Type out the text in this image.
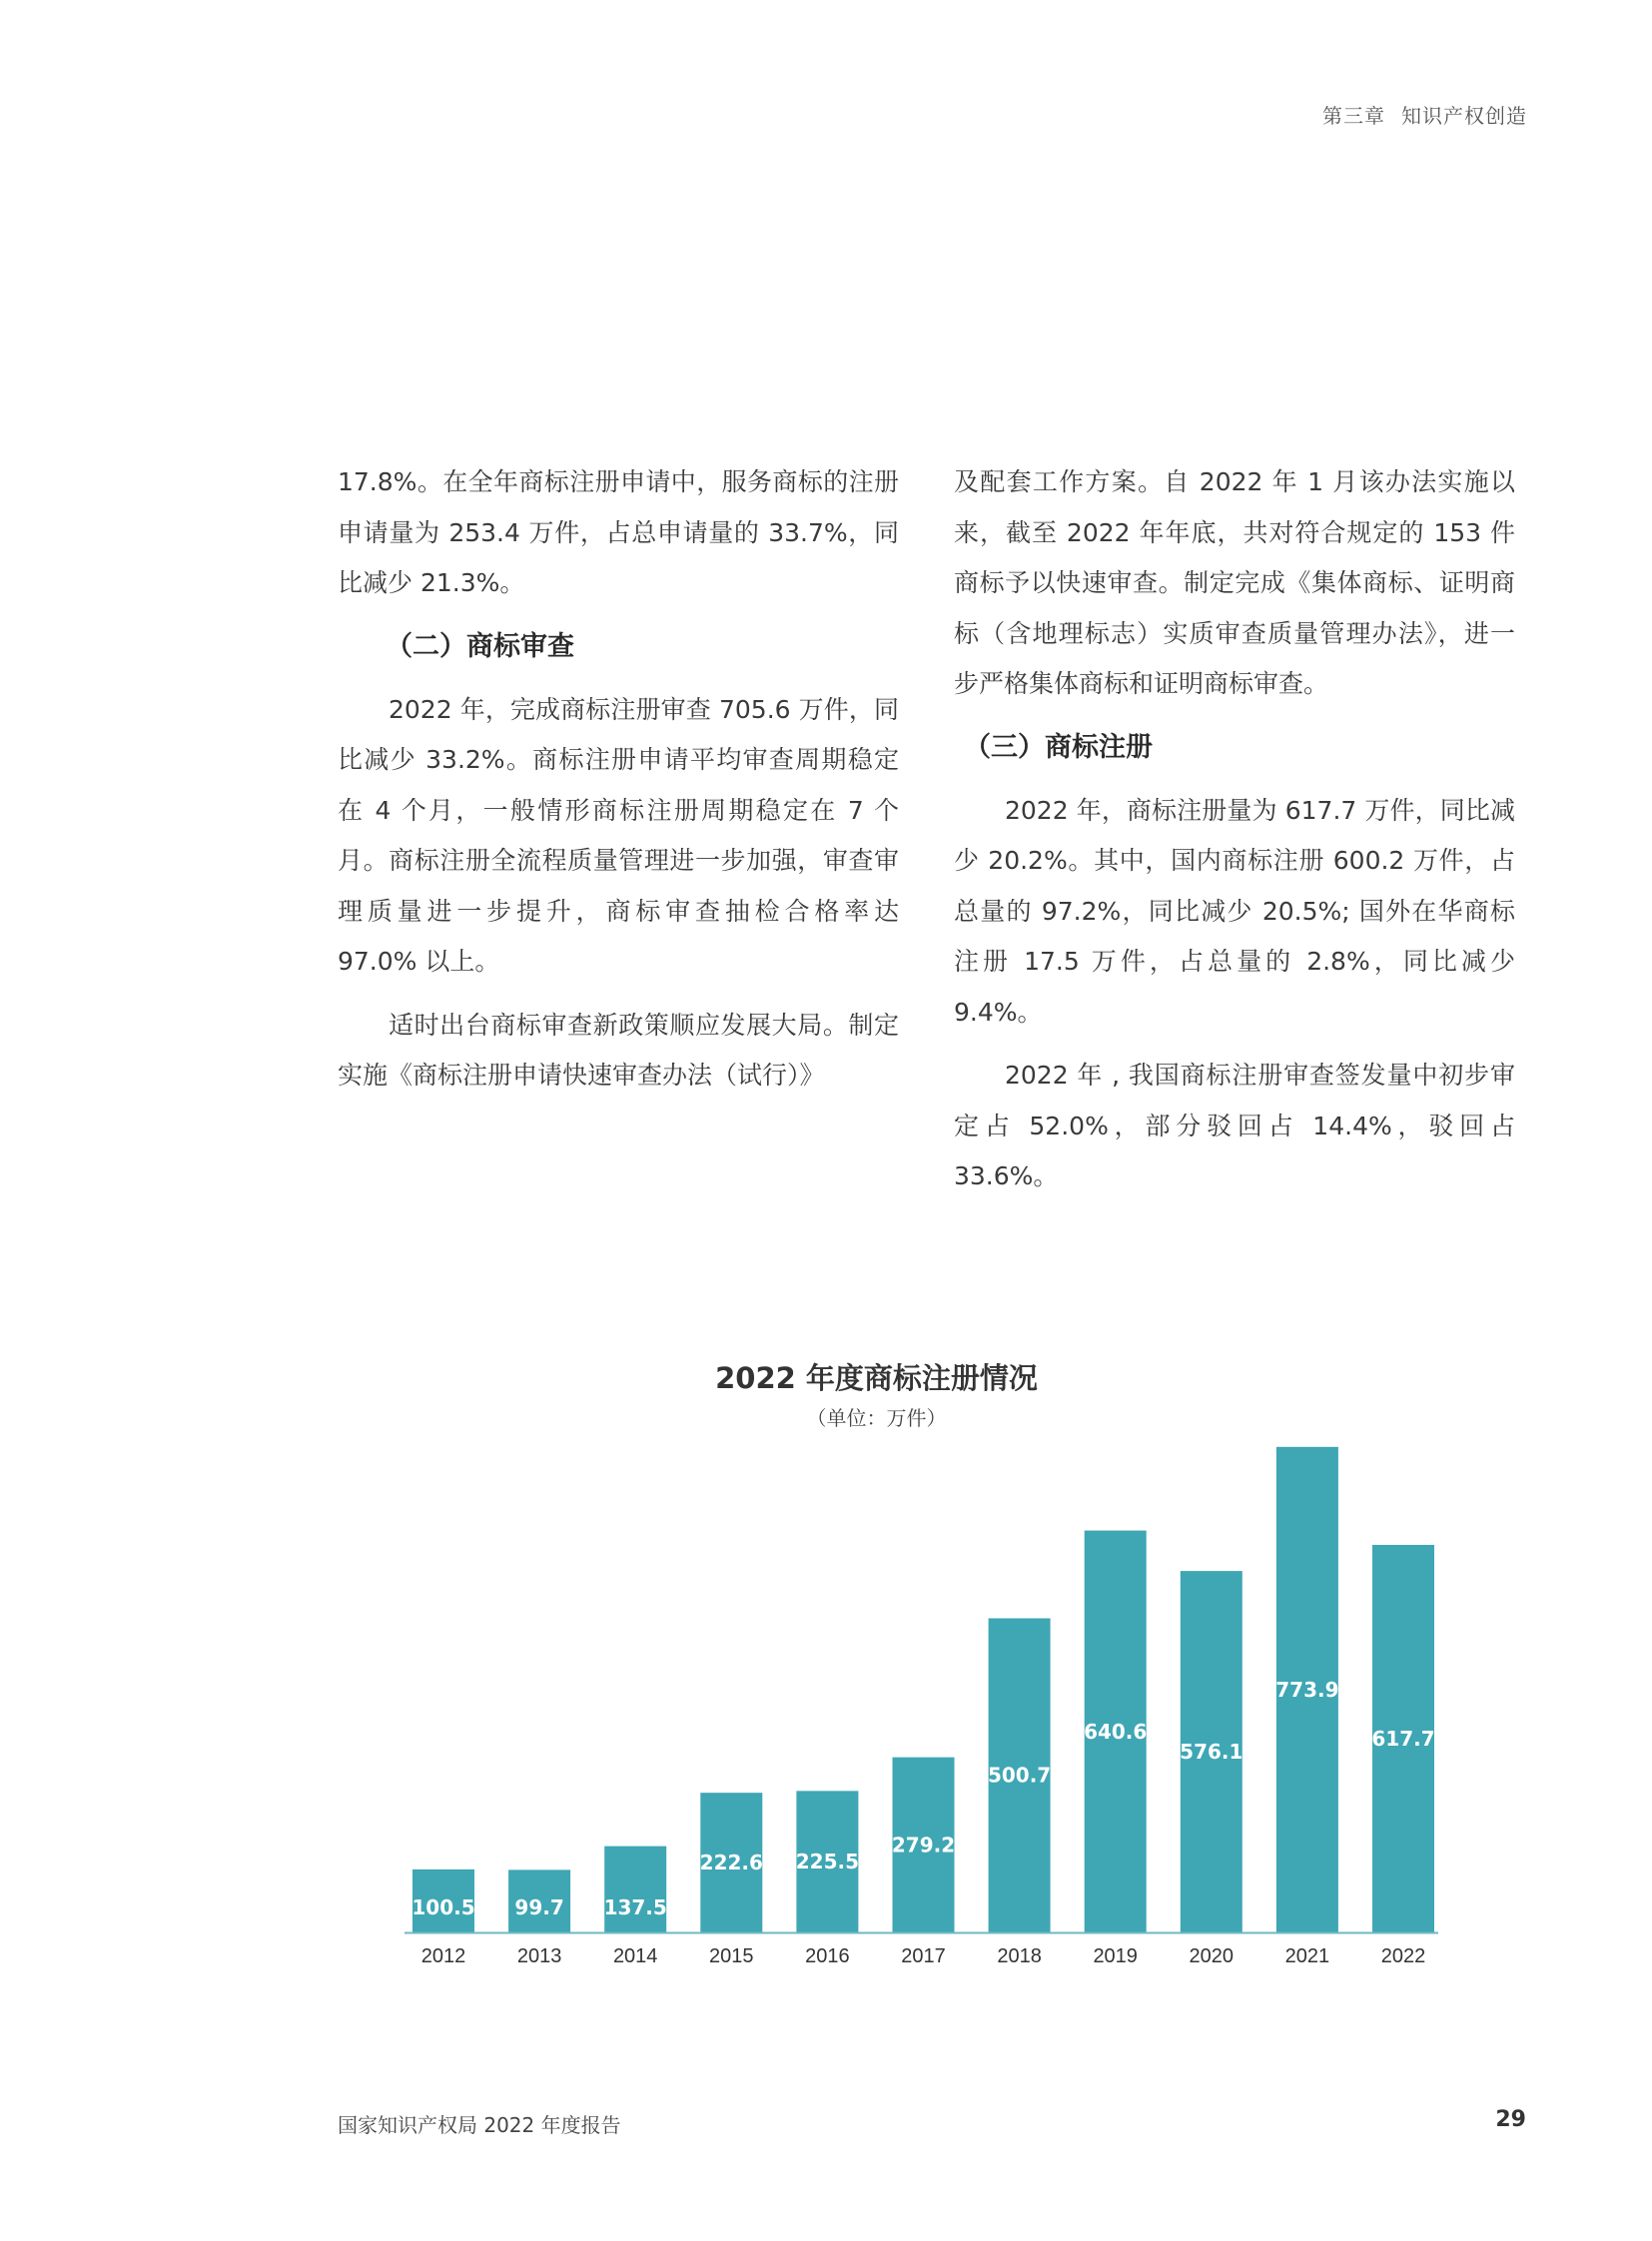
第三章 知识产权创造

17.8%。在全年商标注册申请中，服务商标的注册申请量为 253.4 万件，占总申请量的 33.7%，同比减少 21.3%。

（二）商标审查

2022 年，完成商标注册审查 705.6 万件，同比减少 33.2%。商标注册申请平均审查周期稳定在 4 个月，一般情形商标注册周期稳定在 7 个月。商标注册全流程质量管理进一步加强，审查审理质量进一步提升，商标审查抽检合格率达 97.0% 以上。

适时出台商标审查新政策顺应发展大局。制定实施《商标注册申请快速审查办法（试行）》

及配套工作方案。自 2022 年 1 月该办法实施以来，截至 2022 年年底，共对符合规定的 153 件商标予以快速审查。制定完成《集体商标、证明商标（含地理标志）实质审查质量管理办法》，进一步严格集体商标和证明商标审查。

（三）商标注册

2022 年，商标注册量为 617.7 万件，同比减少 20.2%。其中，国内商标注册 600.2 万件，占总量的 97.2%，同比减少 20.5%; 国外在华商标注册 17.5 万件，占总量的 2.8%，同比减少 9.4%。

2022 年 , 我国商标注册审查签发量中初步审定占 52.0%，部分驳回占 14.4%，驳回占 33.6%。

2022 年度商标注册情况
（单位：万件）
100.5
2012
99.7
2013
137.5
2014
222.6
2015
225.5
2016
279.2
2017
500.7
2018
640.6
2019
576.1
2020
773.9
2021
617.7
2022
国家知识产权局 2022 年度报告	29
